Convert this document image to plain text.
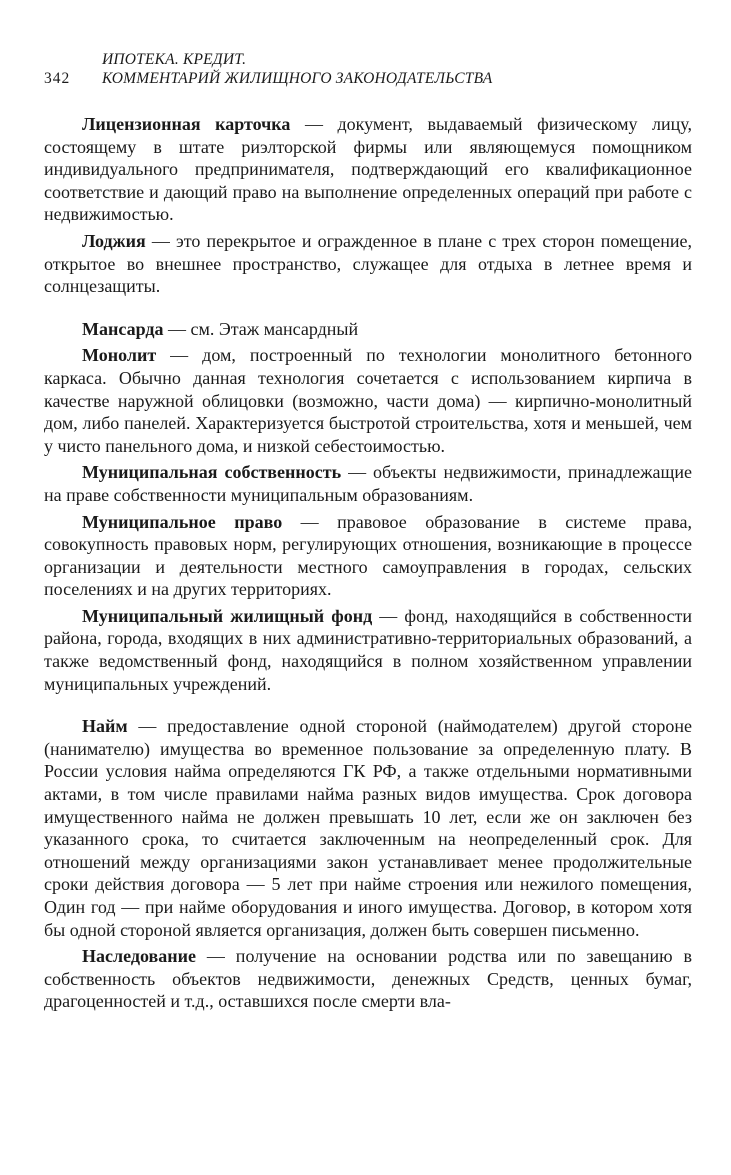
ИПОТЕКА. КРЕДИТ.
342	КОММЕНТАРИЙ ЖИЛИЩНОГО ЗАКОНОДАТЕЛЬСТВА

Лицензионная карточка — документ, выдаваемый физическому лицу, состоящему в штате риэлторской фирмы или являющемуся помощником индивидуального предпринимателя, подтверждающий его квалификационное соответствие и дающий право на выполнение определенных операций при работе с недвижимостью.

Лоджия — это перекрытое и огражденное в плане с трех сторон помещение, открытое во внешнее пространство, служащее для отдыха в летнее время и солнцезащиты.

Мансарда — см. Этаж мансардный

Монолит — дом, построенный по технологии монолитного бетонного каркаса. Обычно данная технология сочетается с использованием кирпича в качестве наружной облицовки (возможно, части дома) — кирпично-монолитный дом, либо панелей. Характеризуется быстротой строительства, хотя и меньшей, чем у чисто панельного дома, и низкой себестоимостью.

Муниципальная собственность — объекты недвижимости, принадлежащие на праве собственности муниципальным образованиям.

Муниципальное право — правовое образование в системе права, совокупность правовых норм, регулирующих отношения, возникающие в процессе организации и деятельности местного самоуправления в городах, сельских поселениях и на других территориях.

Муниципальный жилищный фонд — фонд, находящийся в собственности района, города, входящих в них административно-территориальных образований, а также ведомственный фонд, находящийся в полном хозяйственном управлении муниципальных учреждений.

Найм — предоставление одной стороной (наймодателем) другой стороне (нанимателю) имущества во временное пользование за определенную плату. В России условия найма определяются ГК РФ, а также отдельными нормативными актами, в том числе правилами найма разных видов имущества. Срок договора имущественного найма не должен превышать 10 лет, если же он заключен без указанного срока, то считается заключенным на неопределенный срок. Для отношений между организациями закон устанавливает менее продолжительные сроки действия договора — 5 лет при найме строения или нежилого помещения, Один год — при найме оборудования и иного имущества. Договор, в котором хотя бы одной стороной является организация, должен быть совершен письменно.

Наследование — получение на основании родства или по завещанию в собственность объектов недвижимости, денежных Средств, ценных бумаг, драгоценностей и т.д., оставшихся после смерти вла-
